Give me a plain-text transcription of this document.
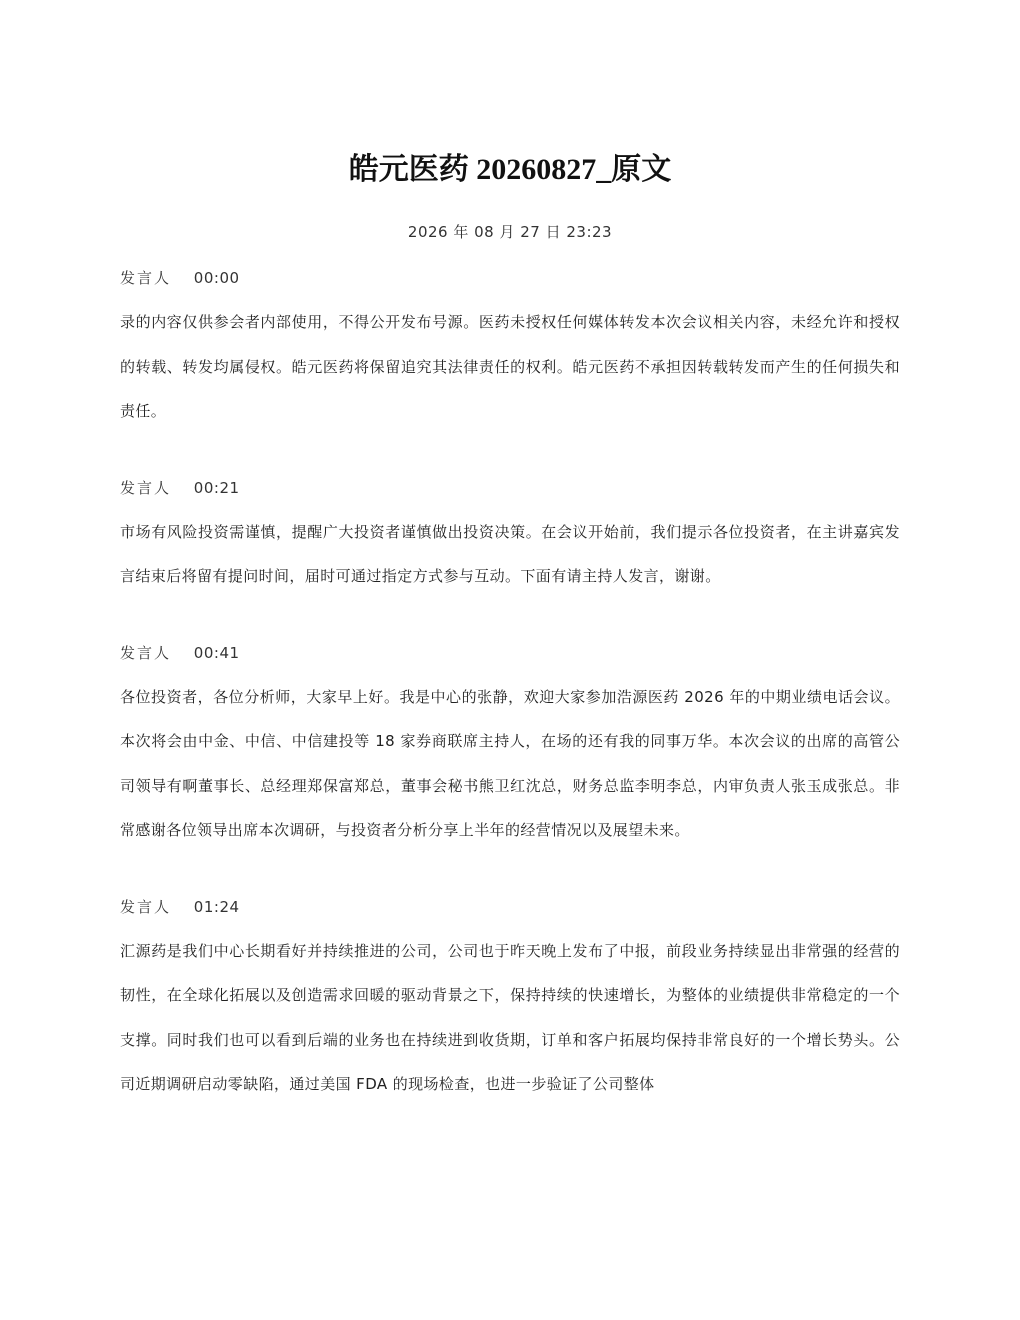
皓元医药 20260827_原文
2026 年 08 月 27 日 23:23
发言人 00:00

录的内容仅供参会者内部使用，不得公开发布号源。医药未授权任何媒体转发本次会议相关内容，未经允许和授权的转载、转发均属侵权。皓元医药将保留追究其法律责任的权利。皓元医药不承担因转载转发而产生的任何损失和责任。

发言人 00:21

市场有风险投资需谨慎，提醒广大投资者谨慎做出投资决策。在会议开始前，我们提示各位投资者，在主讲嘉宾发言结束后将留有提问时间，届时可通过指定方式参与互动。下面有请主持人发言，谢谢。

发言人 00:41

各位投资者，各位分析师，大家早上好。我是中心的张静，欢迎大家参加浩源医药 2026 年的中期业绩电话会议。本次将会由中金、中信、中信建投等 18 家券商联席主持人，在场的还有我的同事万华。本次会议的出席的高管公司领导有啊董事长、总经理郑保富郑总，董事会秘书熊卫红沈总，财务总监李明李总，内审负责人张玉成张总。非常感谢各位领导出席本次调研，与投资者分析分享上半年的经营情况以及展望未来。

发言人 01:24

汇源药是我们中心长期看好并持续推进的公司，公司也于昨天晚上发布了中报，前段业务持续显出非常强的经营的韧性，在全球化拓展以及创造需求回暖的驱动背景之下，保持持续的快速增长，为整体的业绩提供非常稳定的一个支撑。同时我们也可以看到后端的业务也在持续进到收货期，订单和客户拓展均保持非常良好的一个增长势头。公司近期调研启动零缺陷，通过美国 FDA 的现场检查，也进一步验证了公司整体
